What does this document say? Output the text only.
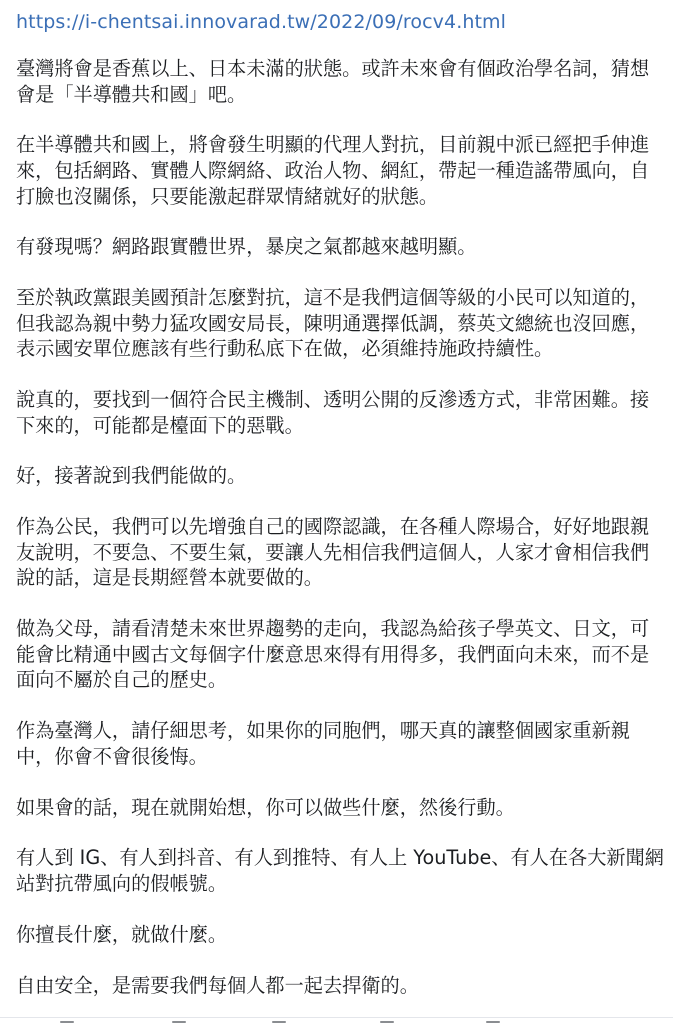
https://i-chentsai.innovarad.tw/2022/09/rocv4.html

臺灣將會是香蕉以上、日本未滿的狀態。或許未來會有個政治學名詞，猜想會是「半導體共和國」吧。

在半導體共和國上，將會發生明顯的代理人對抗，目前親中派已經把手伸進來，包括網路、實體人際網絡、政治人物、網紅，帶起一種造謠帶風向，自打臉也沒關係，只要能激起群眾情緒就好的狀態。

有發現嗎？網路跟實體世界，暴戾之氣都越來越明顯。

至於執政黨跟美國預計怎麼對抗，這不是我們這個等級的小民可以知道的，但我認為親中勢力猛攻國安局長，陳明通選擇低調，蔡英文總統也沒回應，表示國安單位應該有些行動私底下在做，必須維持施政持續性。

說真的，要找到一個符合民主機制、透明公開的反滲透方式，非常困難。接下來的，可能都是檯面下的惡戰。

好，接著說到我們能做的。

作為公民，我們可以先增強自己的國際認識，在各種人際場合，好好地跟親友說明，不要急、不要生氣，要讓人先相信我們這個人，人家才會相信我們說的話，這是長期經營本就要做的。

做為父母，請看清楚未來世界趨勢的走向，我認為給孩子學英文、日文，可能會比精通中國古文每個字什麼意思來得有用得多，我們面向未來，而不是面向不屬於自己的歷史。

作為臺灣人，請仔細思考，如果你的同胞們，哪天真的讓整個國家重新親中，你會不會很後悔。

如果會的話，現在就開始想，你可以做些什麼，然後行動。

有人到 IG、有人到抖音、有人到推特、有人上 YouTube、有人在各大新聞網站對抗帶風向的假帳號。

你擅長什麼，就做什麼。

自由安全，是需要我們每個人都一起去捍衛的。
